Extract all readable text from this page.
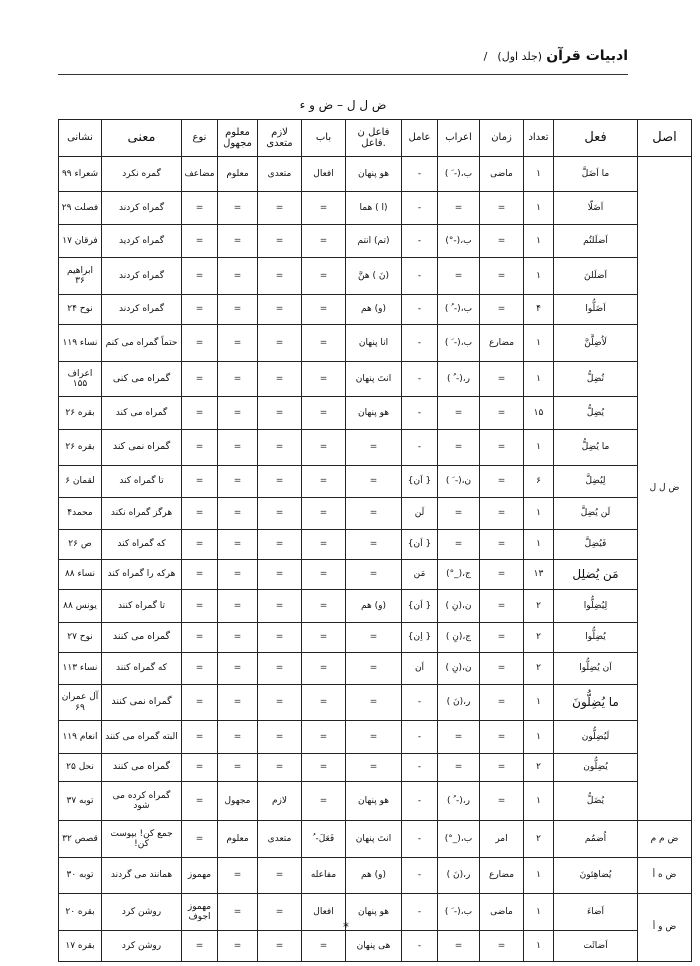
ادبیات قرآن (جلد اول) /
ض ل ل – ض و ء
اصل	فعل	تعداد	زمان	اعراب	عامل	فاعل ن .فاعل	باب	لازم متعدی	معلوم مجهول	نوع	معنی	نشانی
ض ل ل	ما اَضَلَّ	۱	ماضی	ب،(- َ )	-	هو پنهان	افعال	متعدی	معلوم	مضاعف	گمره نکرد	شعراء ۹۹
	اَضَلّا	۱	=	=	-	(ا ) هما	=	=	=	=	گمراه کردند	فصلت ۲۹
	اَضلَلتُم	۱	=	ب،(-°)	-	(تم) انتم	=	=	=	=	گمراه کردید	فرقان ۱۷
	اَضلَلنَ	۱	=	=	-	(نَ ) هنَّ	=	=	=	=	گمراه کردند	ابراهیم ۳۶
	اَضَلُّوا	۴	=	ب،(- ُ )	-	(و) هم	=	=	=	=	گمراه کردند	نوح ۲۴
	لَاُضِلَّنَّ	۱	مضارع	ب،(- َ )	-	انا پنهان	=	=	=	=	حتماً گمراه می کنم	نساء ۱۱۹
	تُضِلُّ	۱	=	ر،(- ُ )	-	انتَ پنهان	=	=	=	=	گمراه می کنی	اعراف ۱۵۵
	يُضِلُّ	۱۵	=	=	-	هو پنهان	=	=	=	=	گمراه می کند	بقره ۲۶
	ما يُضِلُّ	۱	=	=	-	=	=	=	=	=	گمراه نمی کند	بقره ۲۶
	لِيُضِلَّ	۶	=	ن،(- َ )	{ اَن}	=	=	=	=	=	تا گمراه کند	لقمان ۶
	لَن يُضِلَّ	۱	=	=	لَن	=	=	=	=	=	هرگز گمراه نکند	محمد۴
	فَيُضِلَّ	۱	=	=	{ اَن}	=	=	=	=	=	که گمراه کند	ص ۲۶
	مَن يُضلِل	۱۳	=	ج،(_°)	مَن	=	=	=	=	=	هرکه را گمراه کند	نساء ۸۸
	لِيُضِلُّوا	۲	=	ن،(نِ )	{ اَن}	(و) هم	=	=	=	=	تا گمراه کنند	یونس ۸۸
	يُضِلُّوا	۲	=	ج،(نِ )	{ اِن}	=	=	=	=	=	گمراه می کنند	نوح ۲۷
	اَن يُضِلُّوا	۲	=	ن،(نِ )	اَن	=	=	=	=	=	که گمراه کنند	نساء ۱۱۳
	ما يُضِلُّونَ	۱	=	ر،(نَ )	-	=	=	=	=	=	گمراه نمی کنند	آل عمران ۶۹
	لَيُضِلُّون	۱	=	=	-	=	=	=	=	=	البته گمراه می کنند	انعام ۱۱۹
	يُضِلُّون	۲	=	=	-	=	=	=	=	=	گمراه می کنند	نحل ۲۵
	يُضَلُّ	۱	=	ر،(- ُ )	-	هو پنهان	=	لازم	مجهول	=	گمراه کرده می شود	توبه ۳۷
ض م م	اُضمُم	۲	امر	ب،(_°)	-	انتَ پنهان	فَعَلَ- ُ	متعدی	معلوم	=	جمع کن! بپوست کن!	قصص ۳۲
ض ه أ	يُضاهِئونَ	۱	مضارع	ر،(نَ )	-	(و) هم	مفاعله	=	=	مهموز	همانند می گردند	توبه ۳۰
ض و أ	اَضاءَ	۱	ماضی	ب،(- َ )	-	هو پنهان	افعال	=	=	مهموز اجوف	روشن کرد	بقره ۲۰
	اَضائَت	۱	=	=	-	هی پنهان	=	=	=	=	روشن کرد	بقره ۱۷
*
